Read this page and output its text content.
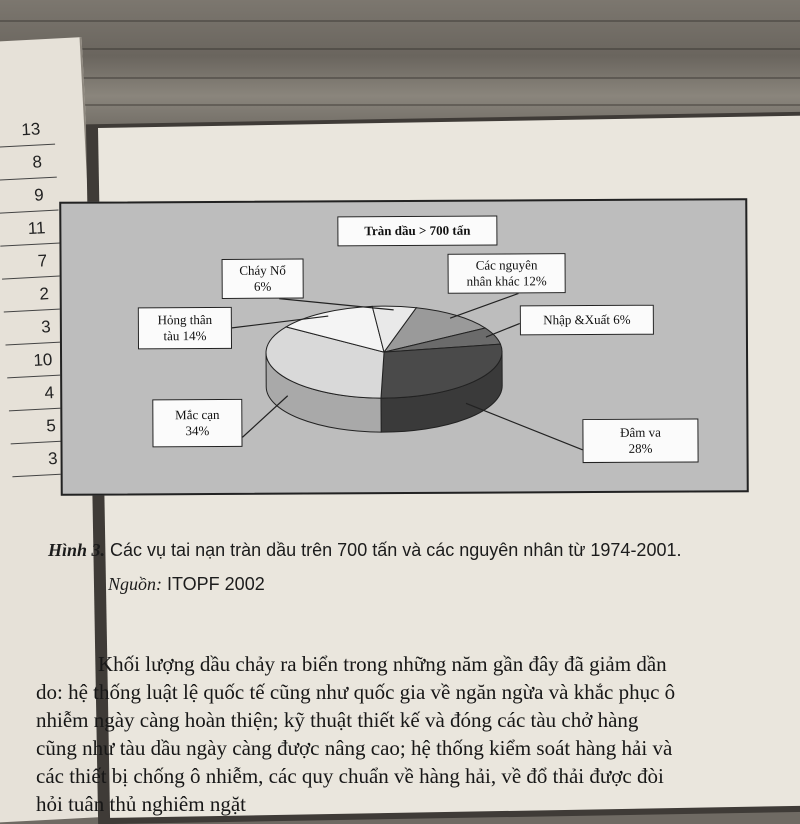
13
8
9
11
7
2
3
10
4
5
3
Tràn dầu > 700 tấn
Các nguyên
nhân khác 12%
Nhập &Xuất 6%
Đâm va
28%
Mắc cạn
34%
Hỏng thân
tàu 14%
Cháy Nổ
6%
Hình 3. Các vụ tai nạn tràn dầu trên 700 tấn và các nguyên nhân từ 1974-2001.
Nguồn: ITOPF 2002

Khối lượng dầu chảy ra biển trong những năm gần đây đã giảm dần

do: hệ thống luật lệ quốc tế cũng như quốc gia về ngăn ngừa và khắc phục ô

nhiễm ngày càng hoàn thiện; kỹ thuật thiết kế và đóng các tàu chở hàng

cũng như tàu dầu ngày càng được nâng cao; hệ thống kiểm soát hàng hải và

các thiết bị chống ô nhiễm, các quy chuẩn về hàng hải, về đổ thải được đòi

hỏi tuân thủ nghiêm ngặt
